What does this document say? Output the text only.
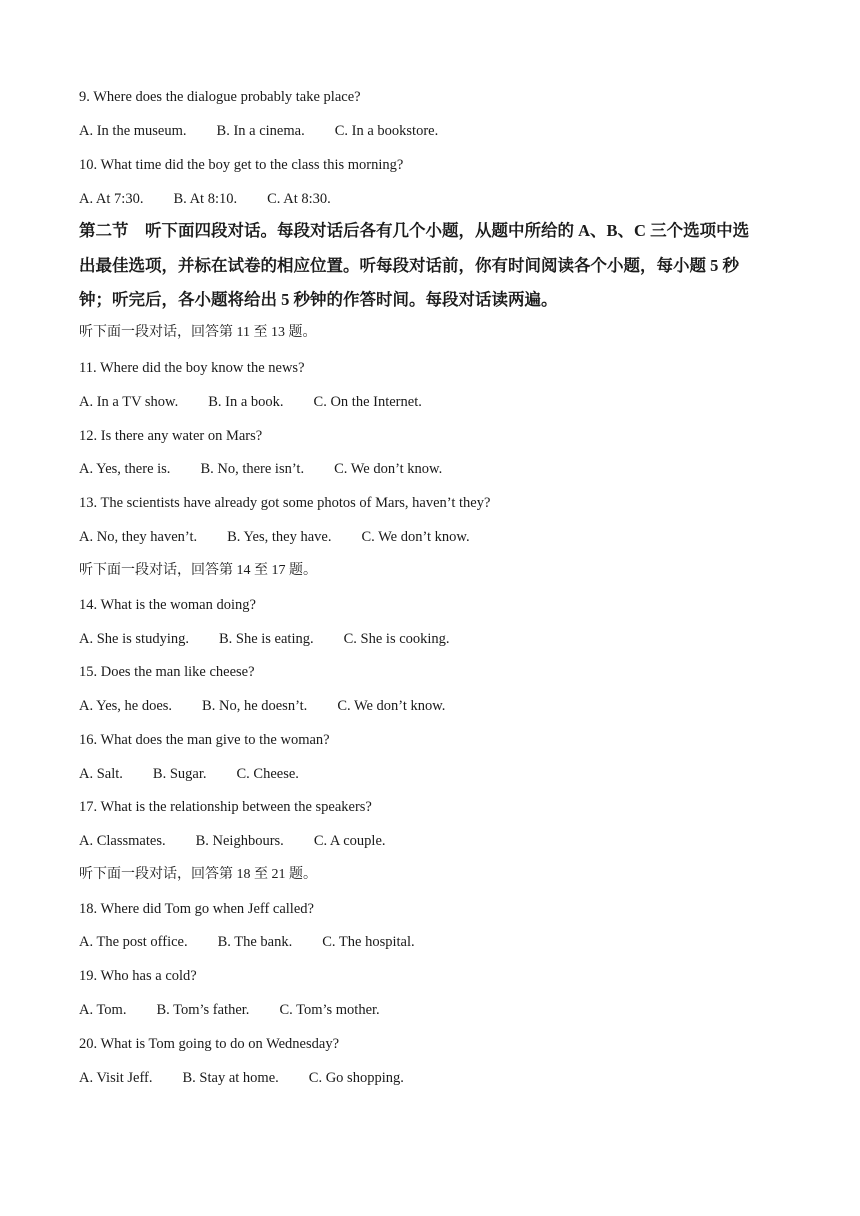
9. Where does the dialogue probably take place?
A. In the museum. B. In a cinema. C. In a bookstore.
10. What time did the boy get to the class this morning?
A. At 7:30. B. At 8:10. C. At 8:30.
第二节　听下面四段对话。每段对话后各有几个小题，从题中所给的 A、B、C 三个选项中选
出最佳选项，并标在试卷的相应位置。听每段对话前，你有时间阅读各个小题，每小题 5 秒
钟；听完后，各小题将给出 5 秒钟的作答时间。每段对话读两遍。
听下面一段对话，回答第 11 至 13 题。
11. Where did the boy know the news?
A. In a TV show. B. In a book. C. On the Internet.
12. Is there any water on Mars?
A. Yes, there is. B. No, there isn’t. C. We don’t know.
13. The scientists have already got some photos of Mars, haven’t they?
A. No, they haven’t. B. Yes, they have. C. We don’t know.
听下面一段对话，回答第 14 至 17 题。
14. What is the woman doing?
A. She is studying. B. She is eating. C. She is cooking.
15. Does the man like cheese?
A. Yes, he does. B. No, he doesn’t. C. We don’t know.
16. What does the man give to the woman?
A. Salt. B. Sugar. C. Cheese.
17. What is the relationship between the speakers?
A. Classmates. B. Neighbours. C. A couple.
听下面一段对话，回答第 18 至 21 题。
18. Where did Tom go when Jeff called?
A. The post office. B. The bank. C. The hospital.
19. Who has a cold?
A. Tom. B. Tom’s father. C. Tom’s mother.
20. What is Tom going to do on Wednesday?
A. Visit Jeff. B. Stay at home. C. Go shopping.
